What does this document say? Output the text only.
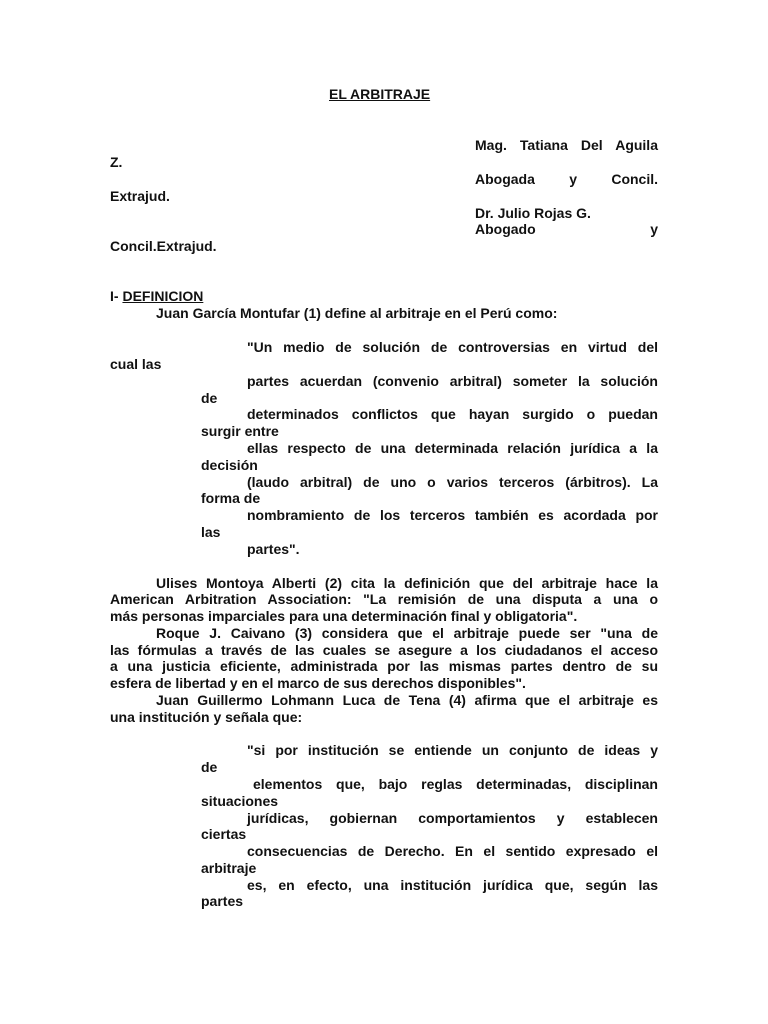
EL ARBITRAJE
Mag. Tatiana Del Aguila
Z.
Abogada y Concil.
Extrajud.
Dr. Julio Rojas G.
Abogado y
Concil.Extrajud.
I- DEFINICION
Juan García Montufar (1) define al arbitraje en el Perú como:
"Un medio de solución de controversias en virtud del
cual las
partes acuerdan (convenio arbitral) someter la solución
de
determinados conflictos que hayan surgido o puedan
surgir entre
ellas respecto de una determinada relación jurídica a la
decisión
(laudo arbitral) de uno o varios terceros (árbitros). La
forma de
nombramiento de los terceros también es acordada por
las
partes".
Ulises Montoya Alberti (2) cita la definición que del arbitraje hace la
American Arbitration Association: "La remisión de una disputa a una o
más personas imparciales para una determinación final y obligatoria".
Roque J. Caivano (3) considera que el arbitraje puede ser "una de
las fórmulas a través de las cuales se asegure a los ciudadanos el acceso
a una justicia eficiente, administrada por las mismas partes dentro de su
esfera de libertad y en el marco de sus derechos disponibles".
Juan Guillermo Lohmann Luca de Tena (4) afirma que el arbitraje es
una institución y señala que:
"si por institución se entiende un conjunto de ideas y
de
elementos que, bajo reglas determinadas, disciplinan
situaciones
jurídicas, gobiernan comportamientos y establecen
ciertas
consecuencias de Derecho. En el sentido expresado el
arbitraje
es, en efecto, una institución jurídica que, según las
partes
